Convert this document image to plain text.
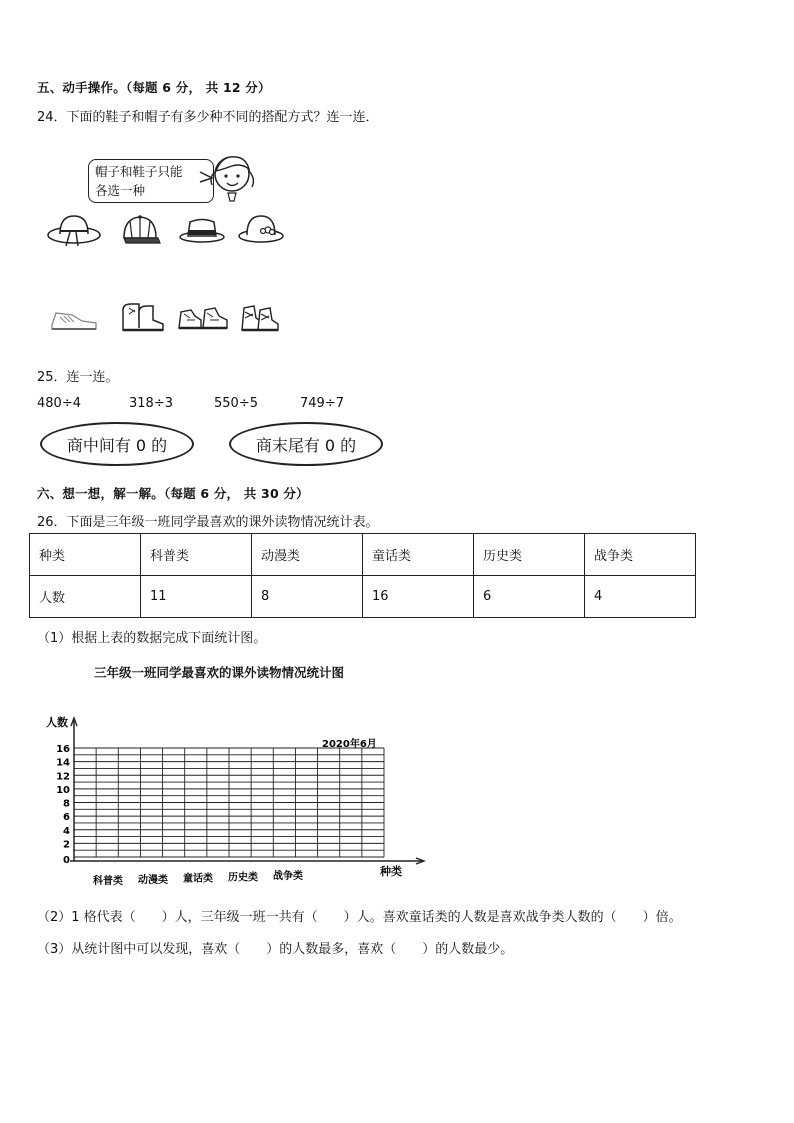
五、动手操作。（每题 6 分， 共 12 分）
24．下面的鞋子和帽子有多少种不同的搭配方式？连一连．
帽子和鞋子只能
各选一种
25．连一连。
480÷4	318÷3	550÷5	749÷7
商中间有 0 的	商末尾有 0 的
六、想一想，解一解。（每题 6 分， 共 30 分）
26．下面是三年级一班同学最喜欢的课外读物情况统计表。
种类	科普类	动漫类	童话类	历史类	战争类
人数	11	8	16	6	4
（1）根据上表的数据完成下面统计图。
三年级一班同学最喜欢的课外读物情况统计图
16
14
12
10
8
6
4
2
0
科普类 动漫类 童话类 历史类 战争类
人数
种类
2020年6月
（2）1 格代表（　　）人，三年级一班一共有（　　）人。喜欢童话类的人数是喜欢战争类人数的（　　）倍。
（3）从统计图中可以发现，喜欢（　　）的人数最多，喜欢（　　）的人数最少。
